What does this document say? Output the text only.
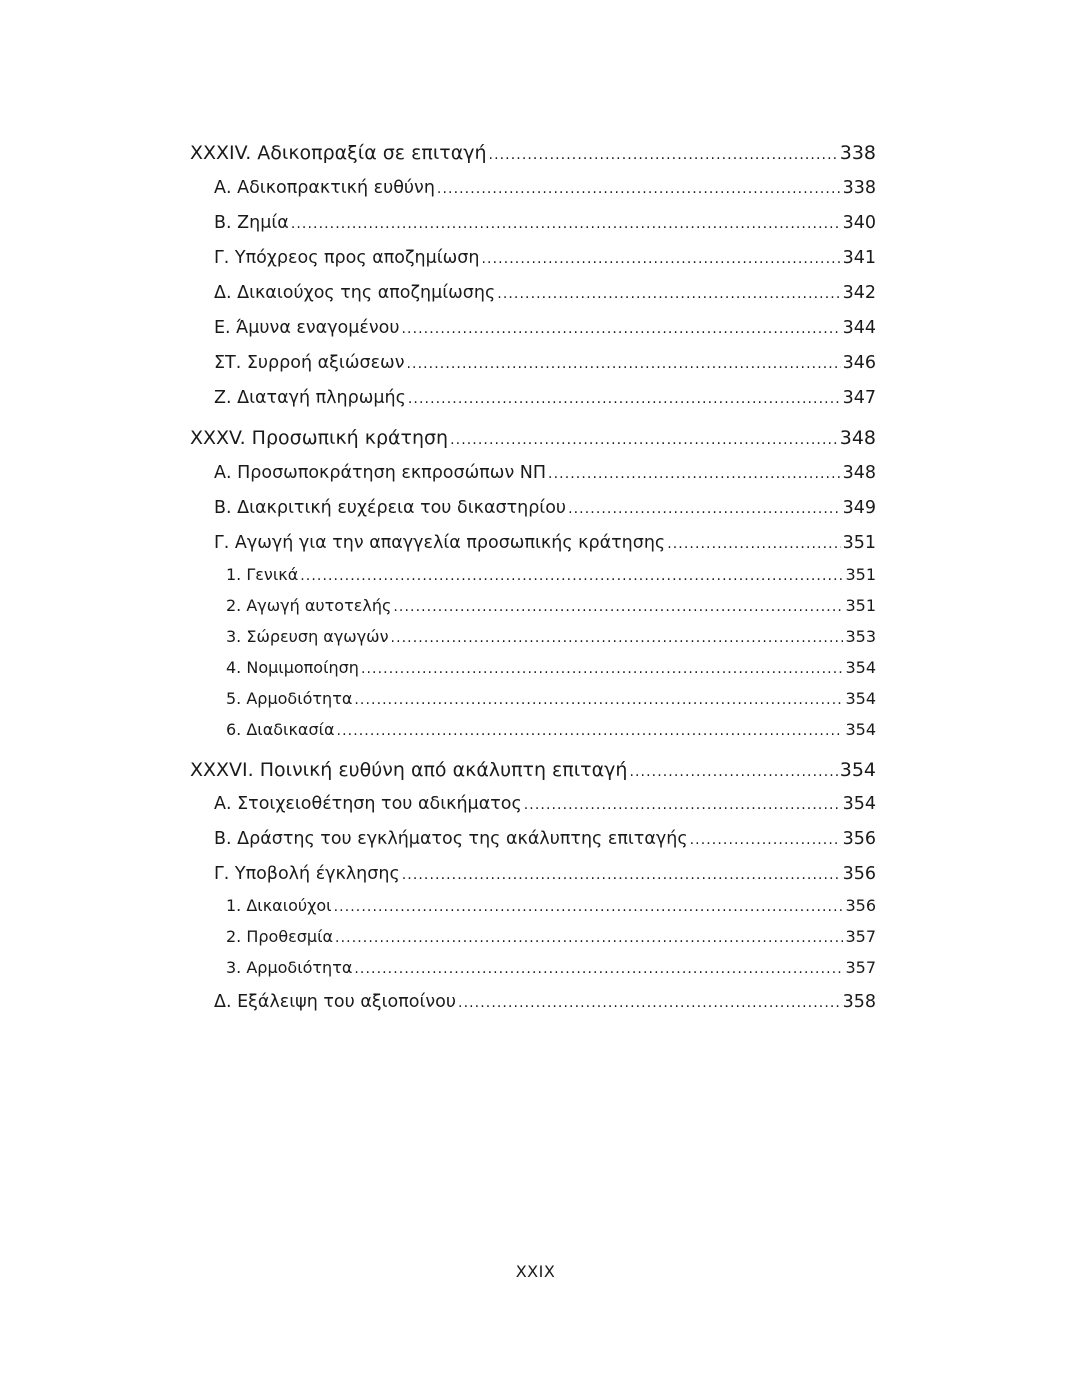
XXXIV. Αδικοπραξία σε επιταγή .....	338
Α. Αδικοπρακτική ευθύνη .....	338
Β. Ζημία .....	340
Γ. Υπόχρεος προς αποζημίωση .....	341
Δ. Δικαιούχος της αποζημίωσης .....	342
Ε. Άμυνα εναγομένου .....	344
ΣΤ. Συρροή αξιώσεων .....	346
Ζ. Διαταγή πληρωμής .....	347
XXXV. Προσωπική κράτηση .....	348
Α. Προσωποκράτηση εκπροσώπων ΝΠ .....	348
Β. Διακριτική ευχέρεια του δικαστηρίου .....	349
Γ. Αγωγή για την απαγγελία προσωπικής κράτησης .....	351
1. Γενικά .....	351
2. Αγωγή αυτοτελής .....	351
3. Σώρευση αγωγών .....	353
4. Νομιμοποίηση .....	354
5. Αρμοδιότητα .....	354
6. Διαδικασία .....	354
XXXVI. Ποινική ευθύνη από ακάλυπτη επιταγή .....	354
Α. Στοιχειοθέτηση του αδικήματος .....	354
Β. Δράστης του εγκλήματος της ακάλυπτης επιταγής .....	356
Γ. Υποβολή έγκλησης .....	356
1. Δικαιούχοι .....	356
2. Προθεσμία .....	357
3. Αρμοδιότητα .....	357
Δ. Εξάλειψη του αξιοποίνου .....	358
XXIX
